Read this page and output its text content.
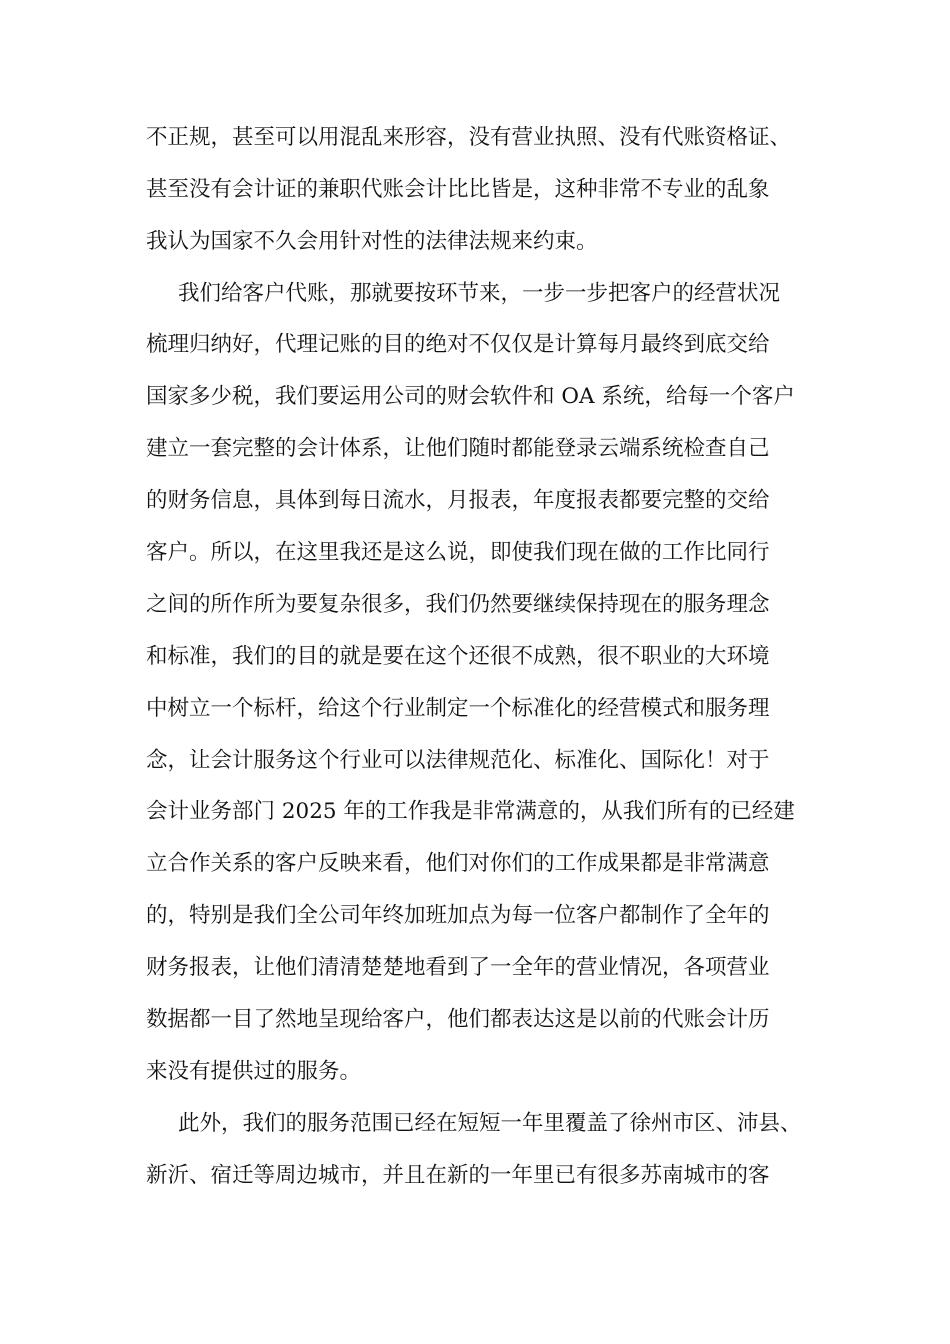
不正规，甚至可以用混乱来形容，没有营业执照、没有代账资格证、
甚至没有会计证的兼职代账会计比比皆是，这种非常不专业的乱象
我认为国家不久会用针对性的法律法规来约束。
我们给客户代账，那就要按环节来，一步一步把客户的经营状况
梳理归纳好，代理记账的目的绝对不仅仅是计算每月最终到底交给
国家多少税，我们要运用公司的财会软件和 OA 系统，给每一个客户
建立一套完整的会计体系，让他们随时都能登录云端系统检查自己
的财务信息，具体到每日流水，月报表，年度报表都要完整的交给
客户。所以，在这里我还是这么说，即使我们现在做的工作比同行
之间的所作所为要复杂很多，我们仍然要继续保持现在的服务理念
和标准，我们的目的就是要在这个还很不成熟，很不职业的大环境
中树立一个标杆，给这个行业制定一个标准化的经营模式和服务理
念，让会计服务这个行业可以法律规范化、标准化、国际化！对于
会计业务部门 2025 年的工作我是非常满意的，从我们所有的已经建
立合作关系的客户反映来看，他们对你们的工作成果都是非常满意
的，特别是我们全公司年终加班加点为每一位客户都制作了全年的
财务报表，让他们清清楚楚地看到了一全年的营业情况，各项营业
数据都一目了然地呈现给客户，他们都表达这是以前的代账会计历
来没有提供过的服务。
此外，我们的服务范围已经在短短一年里覆盖了徐州市区、沛县、
新沂、宿迁等周边城市，并且在新的一年里已有很多苏南城市的客
